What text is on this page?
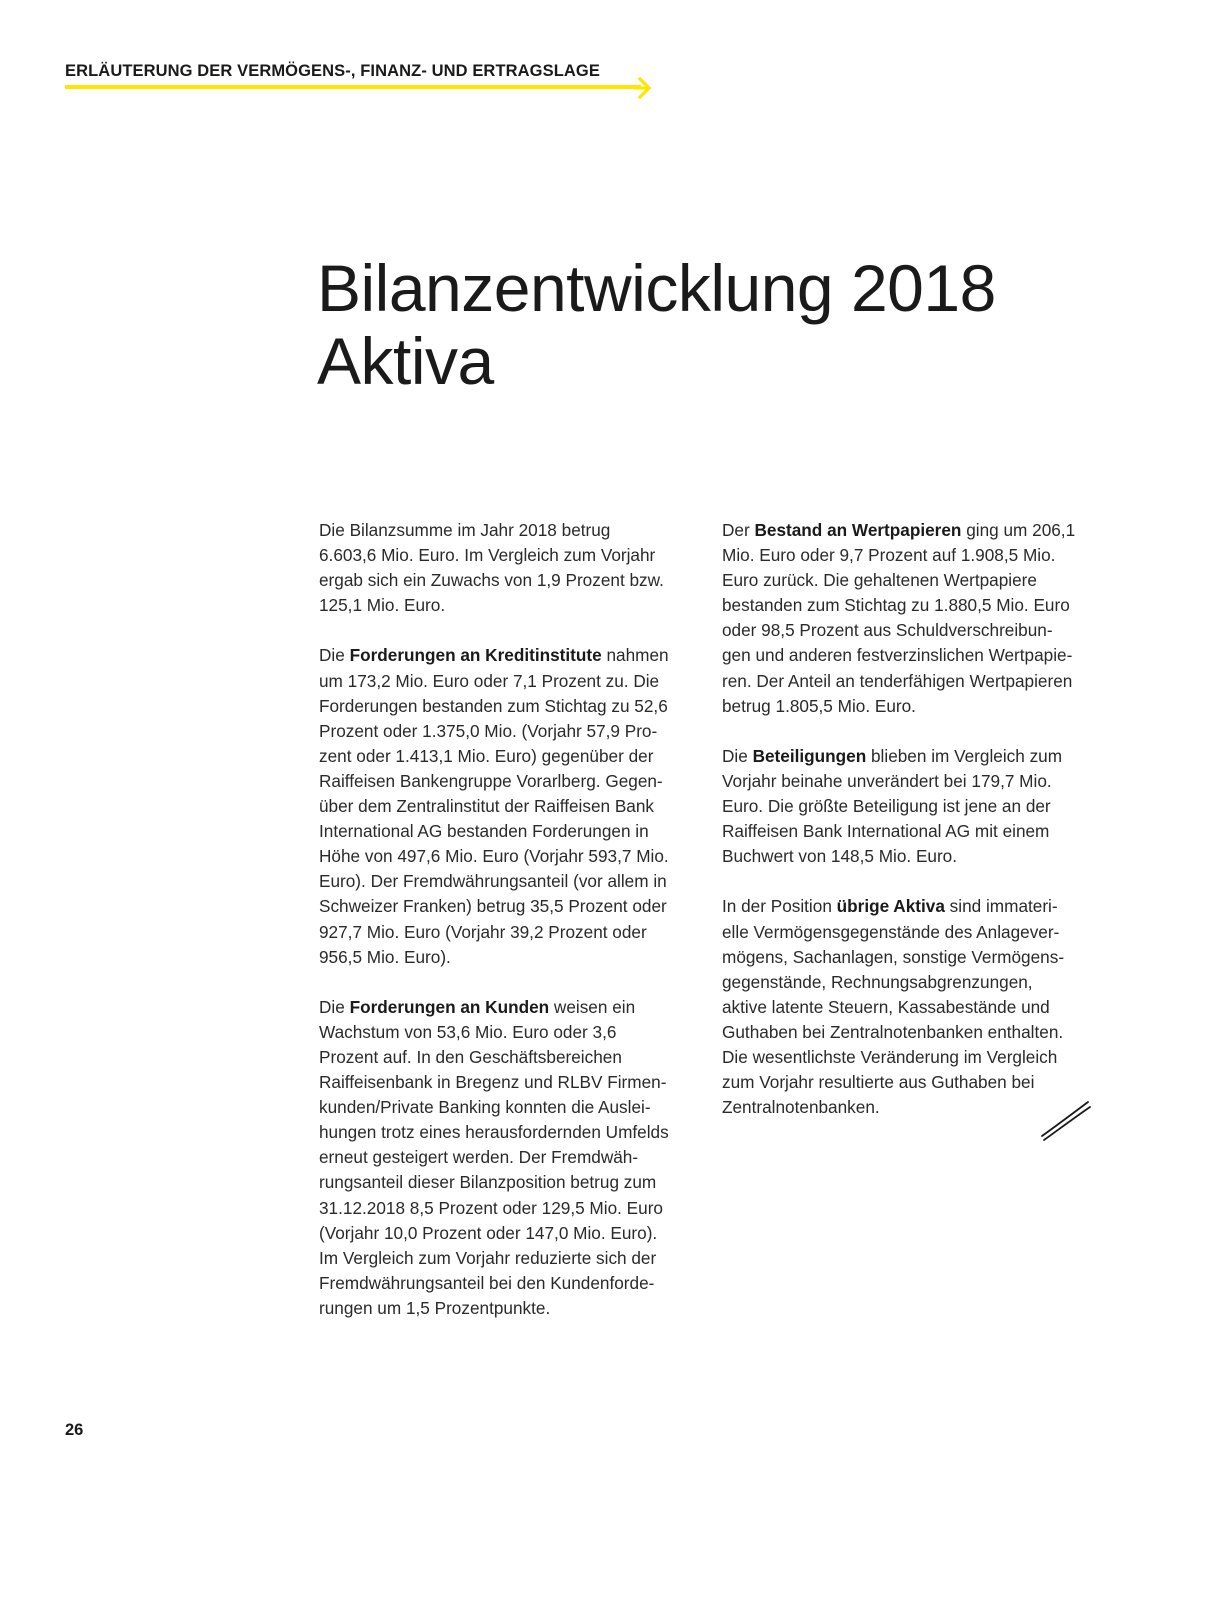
ERLÄUTERUNG DER VERMÖGENS-, FINANZ- UND ERTRAGSLAGE
Bilanzentwicklung 2018
Aktiva

Die Bilanzsumme im Jahr 2018 betrug
6.603,6 Mio. Euro. Im Vergleich zum Vorjahr
ergab sich ein Zuwachs von 1,9 Prozent bzw.
125,1 Mio. Euro.

Die Forderungen an Kreditinstitute nahmen
um 173,2 Mio. Euro oder 7,1 Prozent zu. Die
Forderungen bestanden zum Stichtag zu 52,6
Prozent oder 1.375,0 Mio. (Vorjahr 57,9 Pro-
zent oder 1.413,1 Mio. Euro) gegenüber der
Raiffeisen Bankengruppe Vorarlberg. Gegen-
über dem Zentralinstitut der Raiffeisen Bank
International AG bestanden Forderungen in
Höhe von 497,6 Mio. Euro (Vorjahr 593,7 Mio.
Euro). Der Fremdwährungsanteil (vor allem in
Schweizer Franken) betrug 35,5 Prozent oder
927,7 Mio. Euro (Vorjahr 39,2 Prozent oder
956,5 Mio. Euro).

Die Forderungen an Kunden weisen ein
Wachstum von 53,6 Mio. Euro oder 3,6
Prozent auf. In den Geschäftsbereichen
Raiffeisenbank in Bregenz und RLBV Firmen-
kunden/Private Banking konnten die Auslei-
hungen trotz eines herausfordernden Umfelds
erneut gesteigert werden. Der Fremdwäh-
rungsanteil dieser Bilanzposition betrug zum
31.12.2018 8,5 Prozent oder 129,5 Mio. Euro
(Vorjahr 10,0 Prozent oder 147,0 Mio. Euro).
Im Vergleich zum Vorjahr reduzierte sich der
Fremdwährungsanteil bei den Kundenforde-
rungen um 1,5 Prozentpunkte.

Der Bestand an Wertpapieren ging um 206,1
Mio. Euro oder 9,7 Prozent auf 1.908,5 Mio.
Euro zurück. Die gehaltenen Wertpapiere
bestanden zum Stichtag zu 1.880,5 Mio. Euro
oder 98,5 Prozent aus Schuldverschreibun-
gen und anderen festverzinslichen Wertpapie-
ren. Der Anteil an tenderfähigen Wertpapieren
betrug 1.805,5 Mio. Euro.

Die Beteiligungen blieben im Vergleich zum
Vorjahr beinahe unverändert bei 179,7 Mio.
Euro. Die größte Beteiligung ist jene an der
Raiffeisen Bank International AG mit einem
Buchwert von 148,5 Mio. Euro.

In der Position übrige Aktiva sind immateri-
elle Vermögensgegenstände des Anlagever-
mögens, Sachanlagen, sonstige Vermögens-
gegenstände, Rechnungsabgrenzungen,
aktive latente Steuern, Kassabestände und
Guthaben bei Zentralnotenbanken enthalten.
Die wesentlichste Veränderung im Vergleich
zum Vorjahr resultierte aus Guthaben bei
Zentralnotenbanken.

26
